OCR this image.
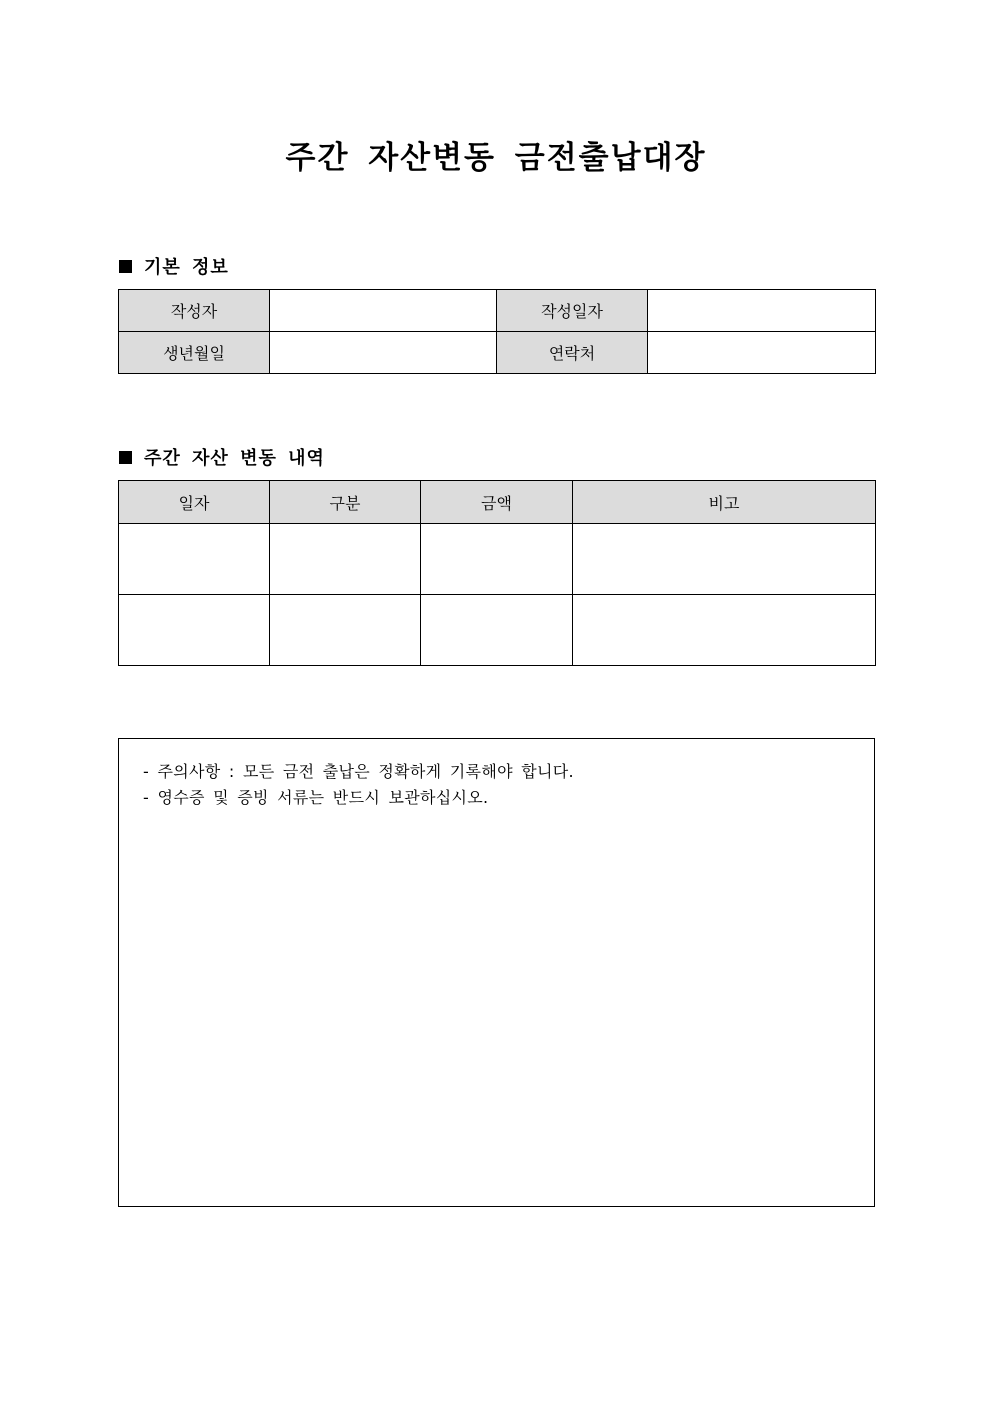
주간 자산변동 금전출납대장
기본 정보
작성자		작성일자	
생년월일		연락처	
주간 자산 변동 내역
일자	구분	금액	비고

- 주의사항 : 모든 금전 출납은 정확하게 기록해야 합니다.
- 영수증 및 증빙 서류는 반드시 보관하십시오.
